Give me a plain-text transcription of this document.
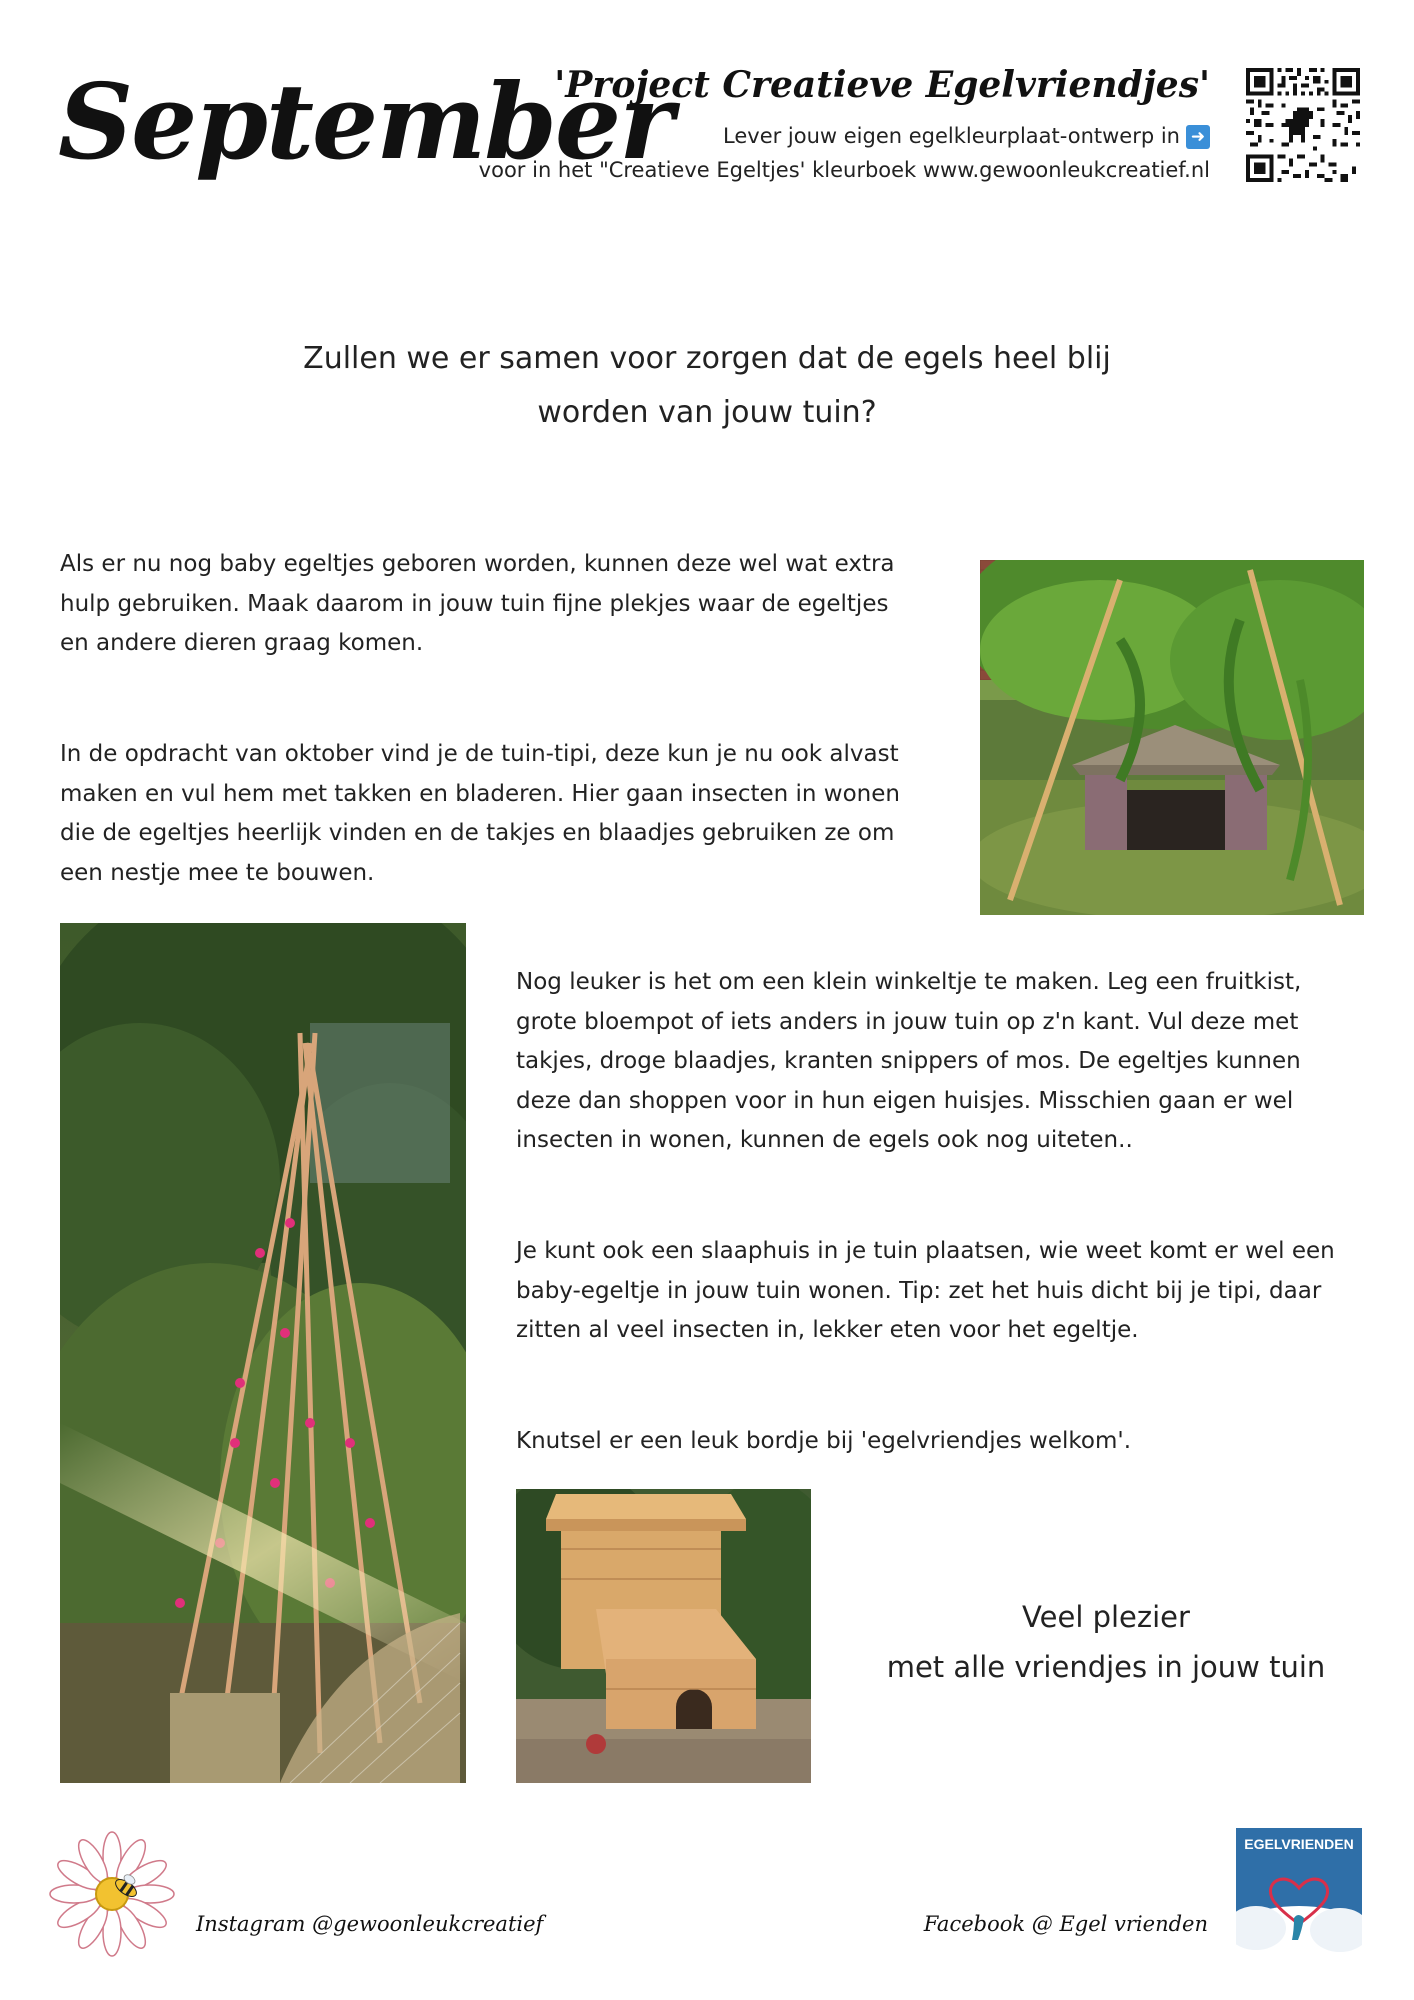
September
'Project Creatieve Egelvriendjes'
Lever jouw eigen egelkleurplaat-ontwerp in ➜
voor in het "Creatieve Egeltjes' kleurboek www.gewoonleukcreatief.nl
Zullen we er samen voor zorgen dat de egels heel blij
worden van jouw tuin?
Als er nu nog baby egeltjes geboren worden, kunnen deze wel wat extra hulp gebruiken. Maak daarom in jouw tuin fijne plekjes waar de egeltjes en andere dieren graag komen.
In de opdracht van oktober vind je de tuin-tipi, deze kun je nu ook alvast maken en vul hem met takken en bladeren. Hier gaan insecten in wonen die de egeltjes heerlijk vinden en de takjes en blaadjes gebruiken ze om een nestje mee te bouwen.
Nog leuker is het om een klein winkeltje te maken. Leg een fruitkist, grote bloempot of iets anders in jouw tuin op z'n kant. Vul deze met takjes, droge blaadjes, kranten snippers of mos. De egeltjes kunnen deze dan shoppen voor in hun eigen huisjes. Misschien gaan er wel insecten in wonen, kunnen de egels ook nog uiteten..
Je kunt ook een slaaphuis in je tuin plaatsen, wie weet komt er wel een baby-egeltje in jouw tuin wonen. Tip: zet het huis dicht bij je tipi, daar zitten al veel insecten in, lekker eten voor het egeltje.
Knutsel er een leuk bordje bij 'egelvriendjes welkom'.
Veel plezier
met alle vriendjes in jouw tuin
Instagram @gewoonleukcreatief	Facebook @ Egel vrienden
EGELVRIENDEN
